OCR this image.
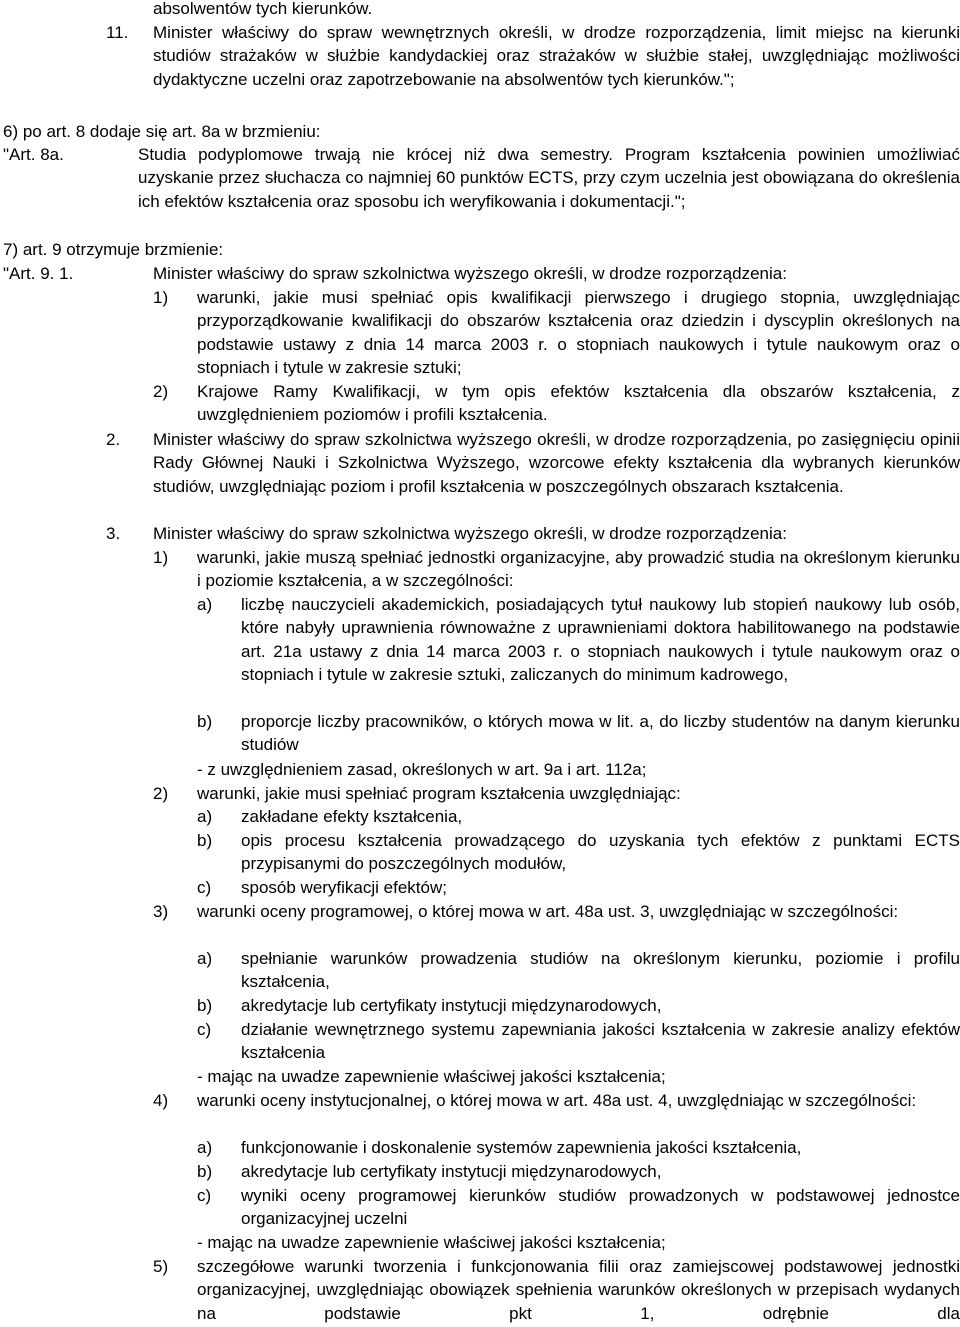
absolwentów tych kierunków.
11. Minister właściwy do spraw wewnętrznych określi, w drodze rozporządzenia, limit miejsc na kierunki studiów strażaków w służbie kandydackiej oraz strażaków w służbie stałej, uwzględniając możliwości dydaktyczne uczelni oraz zapotrzebowanie na absolwentów tych kierunków.";
6) po art. 8 dodaje się art. 8a w brzmieniu:
"Art. 8a.	Studia podyplomowe trwają nie krócej niż dwa semestry. Program kształcenia powinien umożliwiać uzyskanie przez słuchacza co najmniej 60 punktów ECTS, przy czym uczelnia jest obowiązana do określenia ich efektów kształcenia oraz sposobu ich weryfikowania i dokumentacji.";
7) art. 9 otrzymuje brzmienie:
"Art. 9. 1.	Minister właściwy do spraw szkolnictwa wyższego określi, w drodze rozporządzenia:
1) warunki, jakie musi spełniać opis kwalifikacji pierwszego i drugiego stopnia, uwzględniając przyporządkowanie kwalifikacji do obszarów kształcenia oraz dziedzin i dyscyplin określonych na podstawie ustawy z dnia 14 marca 2003 r. o stopniach naukowych i tytule naukowym oraz o stopniach i tytule w zakresie sztuki;
2) Krajowe Ramy Kwalifikacji, w tym opis efektów kształcenia dla obszarów kształcenia, z uwzględnieniem poziomów i profili kształcenia.
2. Minister właściwy do spraw szkolnictwa wyższego określi, w drodze rozporządzenia, po zasięgnięciu opinii Rady Głównej Nauki i Szkolnictwa Wyższego, wzorcowe efekty kształcenia dla wybranych kierunków studiów, uwzględniając poziom i profil kształcenia w poszczególnych obszarach kształcenia.
3. Minister właściwy do spraw szkolnictwa wyższego określi, w drodze rozporządzenia:
1) warunki, jakie muszą spełniać jednostki organizacyjne, aby prowadzić studia na określonym kierunku i poziomie kształcenia, a w szczególności:
a) liczbę nauczycieli akademickich, posiadających tytuł naukowy lub stopień naukowy lub osób, które nabyły uprawnienia równoważne z uprawnieniami doktora habilitowanego na podstawie art. 21a ustawy z dnia 14 marca 2003 r. o stopniach naukowych i tytule naukowym oraz o stopniach i tytule w zakresie sztuki, zaliczanych do minimum kadrowego,
b) proporcje liczby pracowników, o których mowa w lit. a, do liczby studentów na danym kierunku studiów
- z uwzględnieniem zasad, określonych w art. 9a i art. 112a;
2) warunki, jakie musi spełniać program kształcenia uwzględniając:
a) zakładane efekty kształcenia,
b) opis procesu kształcenia prowadzącego do uzyskania tych efektów z punktami ECTS przypisanymi do poszczególnych modułów,
c) sposób weryfikacji efektów;
3) warunki oceny programowej, o której mowa w art. 48a ust. 3, uwzględniając w szczególności:
a) spełnianie warunków prowadzenia studiów na określonym kierunku, poziomie i profilu kształcenia,
b) akredytacje lub certyfikaty instytucji międzynarodowych,
c) działanie wewnętrznego systemu zapewniania jakości kształcenia w zakresie analizy efektów kształcenia
- mając na uwadze zapewnienie właściwej jakości kształcenia;
4) warunki oceny instytucjonalnej, o której mowa w art. 48a ust. 4, uwzględniając w szczególności:
a) funkcjonowanie i doskonalenie systemów zapewnienia jakości kształcenia,
b) akredytacje lub certyfikaty instytucji międzynarodowych,
c) wyniki oceny programowej kierunków studiów prowadzonych w podstawowej jednostce organizacyjnej uczelni
- mając na uwadze zapewnienie właściwej jakości kształcenia;
5) szczegółowe warunki tworzenia i funkcjonowania filii oraz zamiejscowej podstawowej jednostki organizacyjnej, uwzględniając obowiązek spełnienia warunków określonych w przepisach wydanych na podstawie pkt 1, odrębnie dla
